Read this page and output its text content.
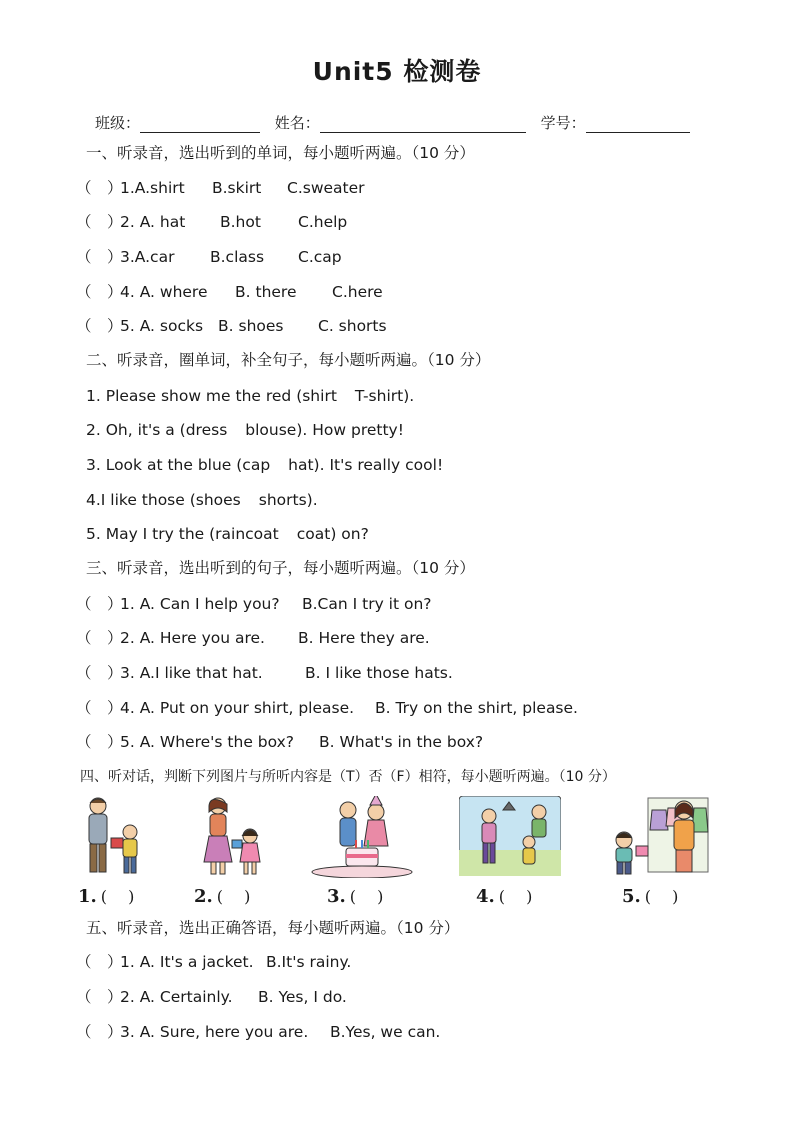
Unit5 检测卷
班级：	姓名：	学号：
一、听录音，选出听到的单词，每小题听两遍。（10 分）
（　）1.A.shirt B.skirt C.sweater
（　）2. A. hat B.hot C.help
（　）3.A.car B.class C.cap
（　）4. A. where B. there C.here
（　）5. A. socks B. shoes C. shorts
二、听录音，圈单词，补全句子，每小题听两遍。（10 分）
1. Please show me the red (shirt T-shirt).
2. Oh, it's a (dress blouse). How pretty!
3. Look at the blue (cap hat). It's really cool!
4.I like those (shoes shorts).
5. May I try the (raincoat coat) on?
三、听录音，选出听到的句子，每小题听两遍。（10 分）
（　）1. A. Can I help you? B.Can I try it on?
（　）2. A. Here you are. B. Here they are.
（　）3. A.I like that hat.	B. I like those hats.
（　）4. A. Put on your shirt, please. B. Try on the shirt, please.
（　）5. A. Where's the box? B. What's in the box?
四、听对话，判断下列图片与所听内容是（T）否（F）相符，每小题听两遍。（10 分）
1. (　 )	2. (　 )	3. (　 )	4. (　 )	5. (　 )
五、听录音，选出正确答语，每小题听两遍。（10 分）
（　）1. A. It's a jacket. B.It's rainy.
（　）2. A. Certainly. B. Yes, I do.
（　）3. A. Sure, here you are. B.Yes, we can.
